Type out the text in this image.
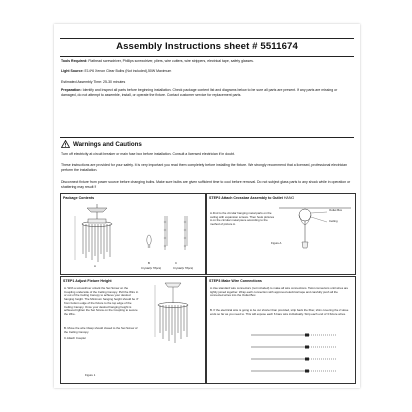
Assembly Instructions sheet # 5511674
Tools Required: Flathead screwdriver, Phillips screwdriver, pliers, wire cutters, wire strippers, electrical tape, safety glasses.
Light Source: E14*6 Xenon Clear Bulbs (Not included),50W Maximum
Estimated Assembly Time: 25-30 minutes
Preparation: Identify and inspect all parts before beginning installation. Check package content list and diagrams below to be sure all parts are present. If any parts are missing or damaged, do not attempt to assemble, install, or operate the fixture. Contact customer service for replacement parts.
Warnings and Cautions
Turn off electricity at circuit breaker or main fuse box before installation. Consult a licensed electrician if in doubt.
These instructions are provided for your safety. It is very important you read them completely before installing the fixture. We strongly recommend that a licensed, professional electrician perform the installation.
Disconnect fixture from power source before changing bulbs. Make sure bulbs are given sufficient time to cool before removal. Do not subject glass parts to any shock while in operation or shattering may result !!
Package Contents
A
B	C
Crystal(x 78pcs)	Crystal(x 78pcs)
STEP2 Attach Crossbar Assembly to Outlet HANG
A.Find to the circular hanging metal parts on the ceiling with expansion screws. Then hook pictures A on the circular metal piece according to the method of picture A.
Outlet Box
Ceiling
Figure A
STEP1 Adjust Fixture Height
A. With a screwdriver unlock the Set Screw on the Coupling underside of the Ceiling Canopy. Pull the Wire in or out of the Ceiling Canopy to achieve your desired hanging height. The Minimum hanging height should be 4" from bottom edge of the fixture to the top edge of the Ceiling Canopy. Once your desired hanging height is achieved tighten the Set Screw on the Coupling to secure the Wire.
B. Move the wire Clasp should closed to the Set Screw of the Ceiling Canopy.
C.Attach Coupler
Figure 1
STEP3 Make Wire Connections
A.Use standard wire connectors (not included) to make all wire connections. Twist connectors until wires are tightly joined together. Wrap each connection with approved electrical tape and carefully push all the connected wires into the Outlet Box.
B. If the electrical wire is going to be cut shorter than provided, strip back the fiber, shim covering the 2 Hose ends so far as you need to. This will expose each 6 bare wire individually. Strip each end of 3 fixture wires.
